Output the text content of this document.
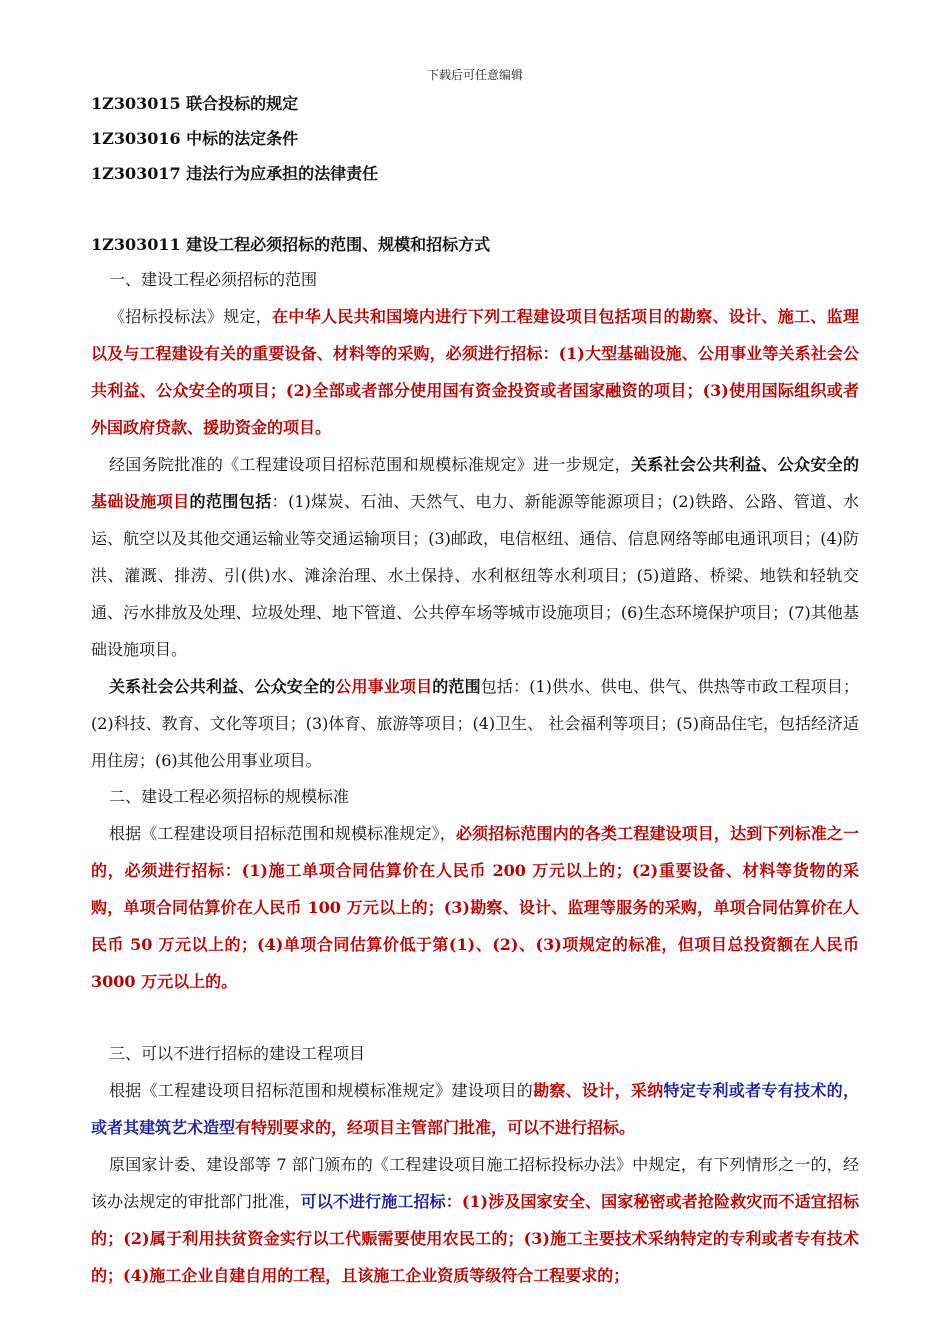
下载后可任意编辑

1Z303015 联合投标的规定

1Z303016 中标的法定条件

1Z303017 违法行为应承担的法律责任

1Z303011 建设工程必须招标的范围、规模和招标方式

一、建设工程必须招标的范围

《招标投标法》规定，在中华人民共和国境内进行下列工程建设项目包括项目的勘察、设计、施工、监理以及与工程建设有关的重要设备、材料等的采购，必须进行招标：(1)大型基础设施、公用事业等关系社会公共利益、公众安全的项目；(2)全部或者部分使用国有资金投资或者国家融资的项目；(3)使用国际组织或者外国政府贷款、援助资金的项目。

经国务院批准的《工程建设项目招标范围和规模标准规定》进一步规定，关系社会公共利益、公众安全的基础设施项目的范围包括：(1)煤炭、石油、天然气、电力、新能源等能源项目；(2)铁路、公路、管道、水运、航空以及其他交通运输业等交通运输项目；(3)邮政，电信枢纽、通信、信息网络等邮电通讯项目；(4)防洪、灌溉、排涝、引(供)水、滩涂治理、水土保持、水利枢纽等水利项目；(5)道路、桥梁、地铁和轻轨交通、污水排放及处理、垃圾处理、地下管道、公共停车场等城市设施项目；(6)生态环境保护项目；(7)其他基础设施项目。

关系社会公共利益、公众安全的公用事业项目的范围包括：(1)供水、供电、供气、供热等市政工程项目；(2)科技、教育、文化等项目；(3)体育、旅游等项目；(4)卫生、 社会福利等项目；(5)商品住宅，包括经济适用住房；(6)其他公用事业项目。

二、建设工程必须招标的规模标准

根据《工程建设项目招标范围和规模标准规定》，必须招标范围内的各类工程建设项目，达到下列标准之一的，必须进行招标：(1)施工单项合同估算价在人民币 200 万元以上的；(2)重要设备、材料等货物的采购，单项合同估算价在人民币 100 万元以上的；(3)勘察、设计、监理等服务的采购，单项合同估算价在人民币 50 万元以上的；(4)单项合同估算价低于第(1)、(2)、(3)项规定的标准，但项目总投资额在人民币 3000 万元以上的。

三、可以不进行招标的建设工程项目

根据《工程建设项目招标范围和规模标准规定》建设项目的勘察、设计，采纳特定专利或者专有技术的，或者其建筑艺术造型有特别要求的，经项目主管部门批准，可以不进行招标。

原国家计委、建设部等 7 部门颁布的《工程建设项目施工招标投标办法》中规定，有下列情形之一的，经该办法规定的审批部门批准，可以不进行施工招标：(1)涉及国家安全、国家秘密或者抢险救灾而不适宜招标的；(2)属于利用扶贫资金实行以工代赈需要使用农民工的；(3)施工主要技术采纳特定的专利或者专有技术的；(4)施工企业自建自用的工程，且该施工企业资质等级符合工程要求的；
